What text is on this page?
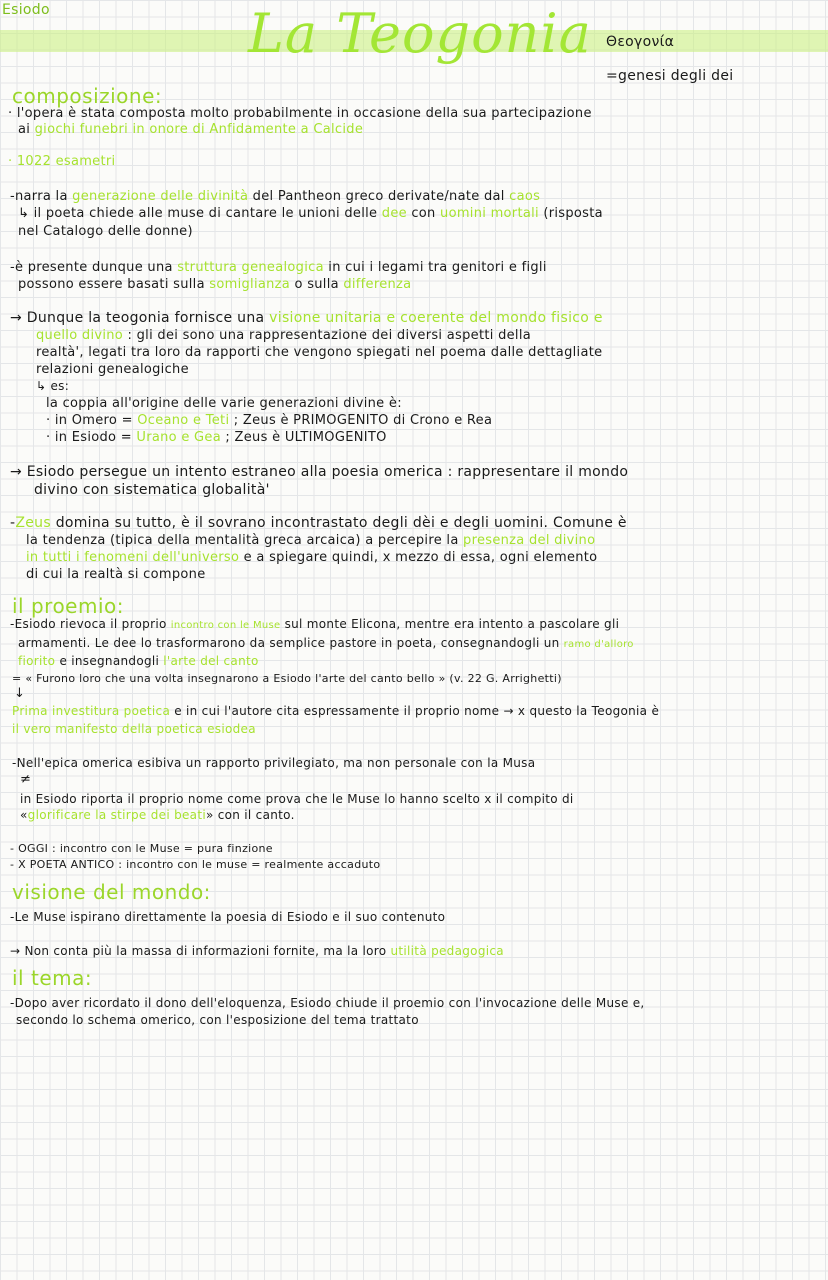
Esiodo	La Teogonia Θεογονία
=genesi degli dei
composizione:
· l'opera è stata composta molto probabilmente in occasione della sua partecipazione
ai giochi funebri in onore di Anfidamente a Calcide
· 1022 esametri
-narra la generazione delle divinità del Pantheon greco derivate/nate dal caos
↳ il poeta chiede alle muse di cantare le unioni delle dee con uomini mortali (risposta
nel Catalogo delle donne)
-è presente dunque una struttura genealogica in cui i legami tra genitori e figli
possono essere basati sulla somiglianza o sulla differenza
→ Dunque la teogonia fornisce una visione unitaria e coerente del mondo fisico e
quello divino : gli dei sono una rappresentazione dei diversi aspetti della
realtà', legati tra loro da rapporti che vengono spiegati nel poema dalle dettagliate
relazioni genealogiche
↳ es:
la coppia all'origine delle varie generazioni divine è:
· in Omero = Oceano e Teti ; Zeus è PRIMOGENITO di Crono e Rea
· in Esiodo = Urano e Gea ; Zeus è ULTIMOGENITO
→ Esiodo persegue un intento estraneo alla poesia omerica : rappresentare il mondo
divino con sistematica globalità'
-Zeus domina su tutto, è il sovrano incontrastato degli dèi e degli uomini. Comune è
la tendenza (tipica della mentalità greca arcaica) a percepire la presenza del divino
in tutti i fenomeni dell'universo e a spiegare quindi, x mezzo di essa, ogni elemento
di cui la realtà si compone
il proemio:
-Esiodo rievoca il proprio incontro con le Muse sul monte Elicona, mentre era intento a pascolare gli
armamenti. Le dee lo trasformarono da semplice pastore in poeta, consegnandogli un ramo d'alloro
fiorito e insegnandogli l'arte del canto
= « Furono loro che una volta insegnarono a Esiodo l'arte del canto bello » (v. 22 G. Arrighetti)
↓
Prima investitura poetica e in cui l'autore cita espressamente il proprio nome → x questo la Teogonia è
il vero manifesto della poetica esiodea
-Nell'epica omerica esibiva un rapporto privilegiato, ma non personale con la Musa
≠
in Esiodo riporta il proprio nome come prova che le Muse lo hanno scelto x il compito di
«glorificare la stirpe dei beati» con il canto.
- OGGI : incontro con le Muse = pura finzione
- X POETA ANTICO : incontro con le muse = realmente accaduto
visione del mondo:
-Le Muse ispirano direttamente la poesia di Esiodo e il suo contenuto
→ Non conta più la massa di informazioni fornite, ma la loro utilità pedagogica
il tema:
-Dopo aver ricordato il dono dell'eloquenza, Esiodo chiude il proemio con l'invocazione delle Muse e,
secondo lo schema omerico, con l'esposizione del tema trattato
